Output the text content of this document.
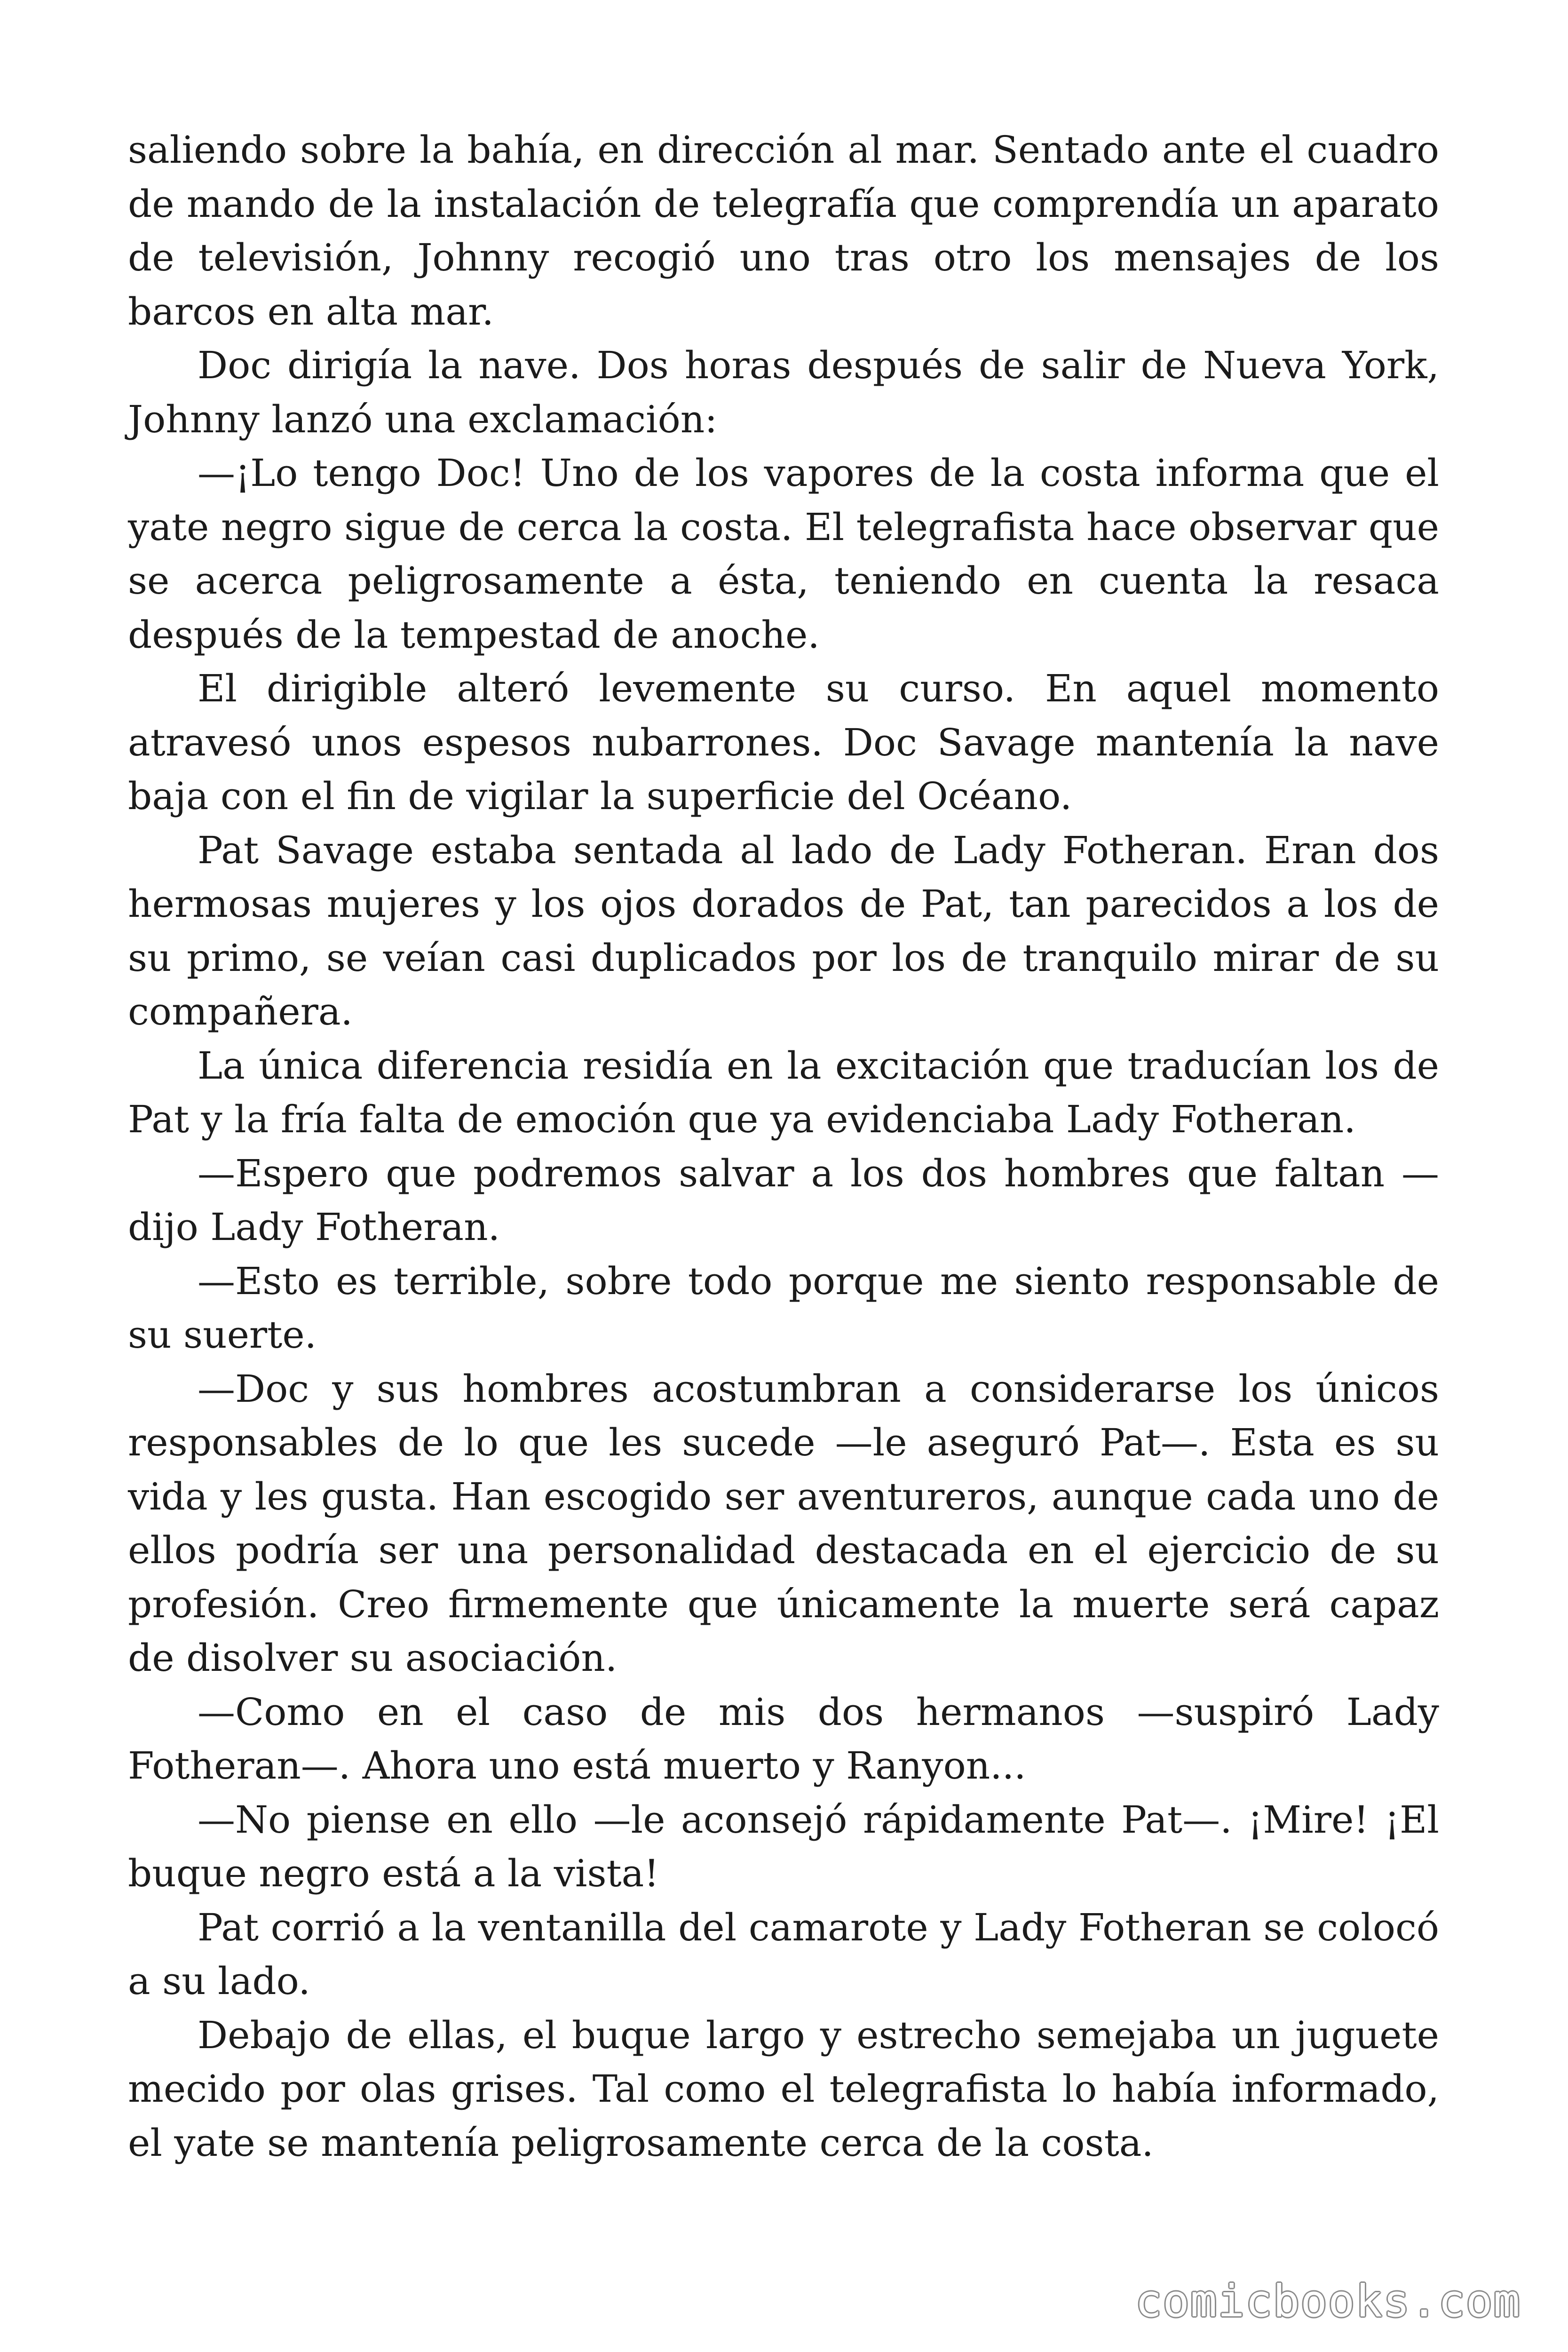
saliendo sobre la bahía, en dirección al mar. Sentado ante el cuadro de mando de la instalación de telegrafía que comprendía un aparato de televisión, Johnny recogió uno tras otro los mensajes de los barcos en alta mar.

Doc dirigía la nave. Dos horas después de salir de Nueva York, Johnny lanzó una exclamación:

—¡Lo tengo Doc! Uno de los vapores de la costa informa que el yate negro sigue de cerca la costa. El telegrafista hace observar que se acerca peligrosamente a ésta, teniendo en cuenta la resaca después de la tempestad de anoche.

El dirigible alteró levemente su curso. En aquel momento atravesó unos espesos nubarrones. Doc Savage mantenía la nave baja con el fin de vigilar la superficie del Océano.

Pat Savage estaba sentada al lado de Lady Fotheran. Eran dos hermosas mujeres y los ojos dorados de Pat, tan parecidos a los de su primo, se veían casi duplicados por los de tranquilo mirar de su compañera.

La única diferencia residía en la excitación que traducían los de Pat y la fría falta de emoción que ya evidenciaba Lady Fotheran.

—Espero que podremos salvar a los dos hombres que faltan —dijo Lady Fotheran.

—Esto es terrible, sobre todo porque me siento responsable de su suerte.

—Doc y sus hombres acostumbran a considerarse los únicos responsables de lo que les sucede —le aseguró Pat—. Esta es su vida y les gusta. Han escogido ser aventureros, aunque cada uno de ellos podría ser una personalidad destacada en el ejercicio de su profesión. Creo firmemente que únicamente la muerte será capaz de disolver su asociación.

—Como en el caso de mis dos hermanos —suspiró Lady Fotheran—. Ahora uno está muerto y Ranyon...

—No piense en ello —le aconsejó rápidamente Pat—. ¡Mire! ¡El buque negro está a la vista!

Pat corrió a la ventanilla del camarote y Lady Fotheran se colocó a su lado.

Debajo de ellas, el buque largo y estrecho semejaba un juguete mecido por olas grises. Tal como el telegrafista lo había informado, el yate se mantenía peligrosamente cerca de la costa.

comicbooks.com
